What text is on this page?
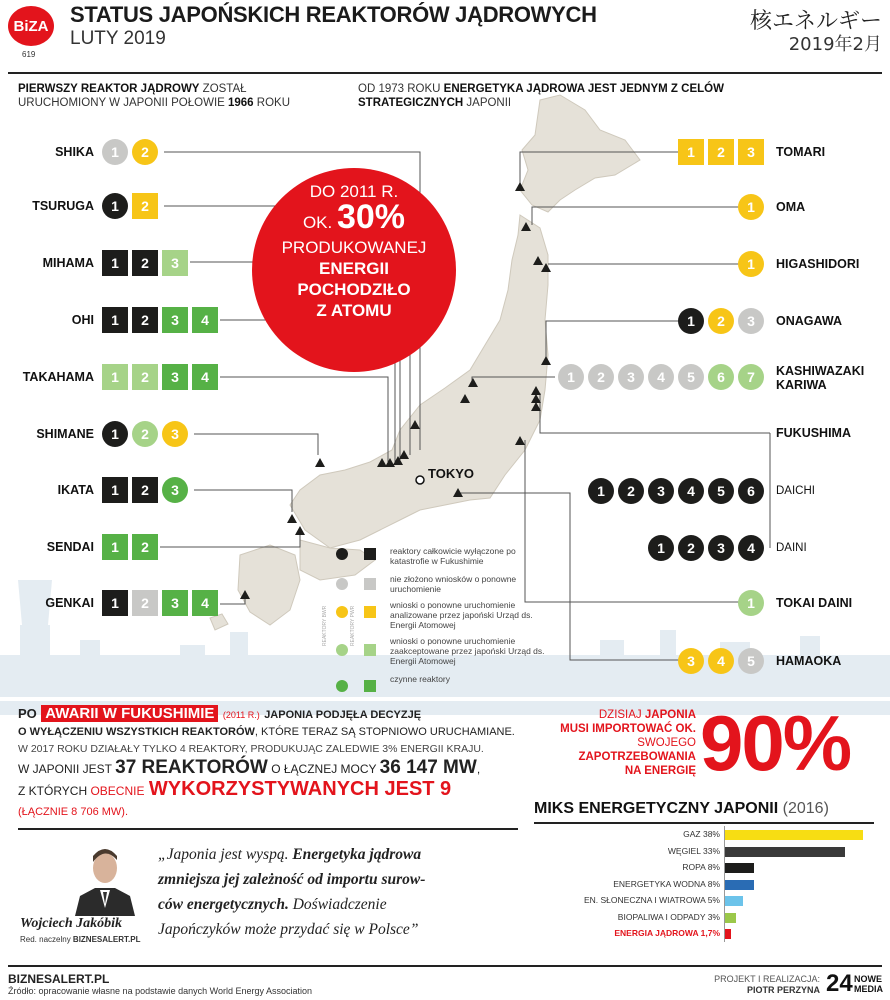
BiZA
619
STATUS JAPOŃSKICH REAKTORÓW JĄDROWYCH
LUTY 2019
核エネルギー
2019年2月
PIERWSZY REAKTOR JĄDROWY ZOSTAŁ
URUCHOMIONY W JAPONII POŁOWIE 1966 ROKU
OD 1973 ROKU ENERGETYKA JĄDROWA JEST JEDNYM Z CELÓW
STRATEGICZNYCH JAPONII
TOKYO
SHIKA	1	2
TSURUGA	1	2
MIHAMA	1	2	3
OHI	1	2	3	4
TAKAHAMA	1	2	3	4
SHIMANE	1	2	3
IKATA	1	2	3
SENDAI	1	2
GENKAI	1	2	3	4
1	2	3	TOMARI
1	OMA
1	HIGASHIDORI
1	2	3	ONAGAWA
1	2	3	4	5	6	7	KASHIWAZAKI KARIWA
FUKUSHIMA
1	2	3	4	5	6	DAICHI
1	2	3	4	DAINI
1	TOKAI DAINI
3	4	5	HAMAOKA
DO 2011 R.
OK. 30%
PRODUKOWANEJ
ENERGII
POCHODZIŁO
Z ATOMU
reaktory całkowicie wyłączone po katastrofie w Fukushimie
nie złożono wniosków o ponowne uruchomienie
wnioski o ponowne uruchomienie analizowane przez japoński Urząd ds. Energii Atomowej
wnioski o ponowne uruchomienie zaakceptowane przez japoński Urząd ds. Energii Atomowej
czynne reaktory
REAKTORY BWR	REAKTORY PWR
PO AWARII W FUKUSHIMIE (2011 R.) JAPONIA PODJĘŁA DECYZJĘ
O WYŁĄCZENIU WSZYSTKICH REAKTORÓW, KTÓRE TERAZ SĄ STOPNIOWO URUCHAMIANE.
W 2017 ROKU DZIAŁAŁY TYLKO 4 REAKTORY, PRODUKUJĄC ZALEDWIE 3% ENERGII KRAJU.
W JAPONII JEST 37 REAKTORÓW O ŁĄCZNEJ MOCY 36 147 MW,
Z KTÓRYCH OBECNIE WYKORZYSTYWANYCH JEST 9
(ŁĄCZNIE 8 706 MW).
Wojciech Jakóbik
Red. naczelny BIZNESALERT.PL
„Japonia jest wyspą. Energetyka jądrowa
zmniejsza jej zależność od importu surow-
ców energetycznych. Doświadczenie
Japończyków może przydać się w Polsce”
DZISIAJ JAPONIA
MUSI IMPORTOWAĆ OK.
SWOJEGO
ZAPOTRZEBOWANIA
NA ENERGIĘ 90%
MIKS ENERGETYCZNY JAPONII (2016)
GAZ 38%
WĘGIEL 33%
ROPA 8%
ENERGETYKA WODNA 8%
EN. SŁONECZNA I WIATROWA 5%
BIOPALIWA I ODPADY 3%
ENERGIA JĄDROWA 1,7%
BIZNESALERT.PL
Źródło: opracowanie własne na podstawie danych World Energy Association
PROJEKT I REALIZACJA:
PIOTR PERZYNA 24 NOWE
MEDIA
